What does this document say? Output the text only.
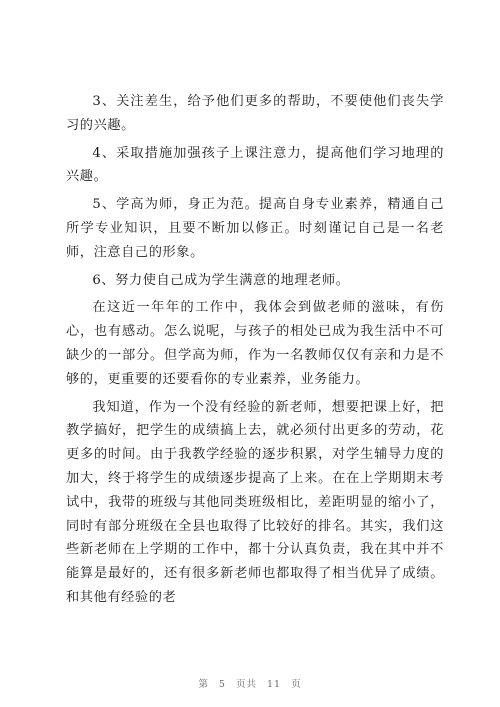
3、关注差生，给予他们更多的帮助，不要使他们丧失学习的兴趣。

4、采取措施加强孩子上课注意力，提高他们学习地理的兴趣。

5、学高为师，身正为范。提高自身专业素养，精通自己所学专业知识，且要不断加以修正。时刻谨记自己是一名老师，注意自己的形象。

6、努力使自己成为学生满意的地理老师。

在这近一年年的工作中，我体会到做老师的滋味，有伤心，也有感动。怎么说呢，与孩子的相处已成为我生活中不可缺少的一部分。但学高为师，作为一名教师仅仅有亲和力是不够的，更重要的还要看你的专业素养，业务能力。

我知道，作为一个没有经验的新老师，想要把课上好，把教学搞好，把学生的成绩搞上去，就必须付出更多的劳动，花更多的时间。由于我教学经验的逐步积累，对学生辅导力度的加大，终于将学生的成绩逐步提高了上来。在在上学期期末考试中，我带的班级与其他同类班级相比，差距明显的缩小了，同时有部分班级在全县也取得了比较好的排名。其实，我们这些新老师在上学期的工作中，都十分认真负责，我在其中并不能算是最好的，还有很多新老师也都取得了相当优异了成绩。和其他有经验的老

第 5 页共 11 页
